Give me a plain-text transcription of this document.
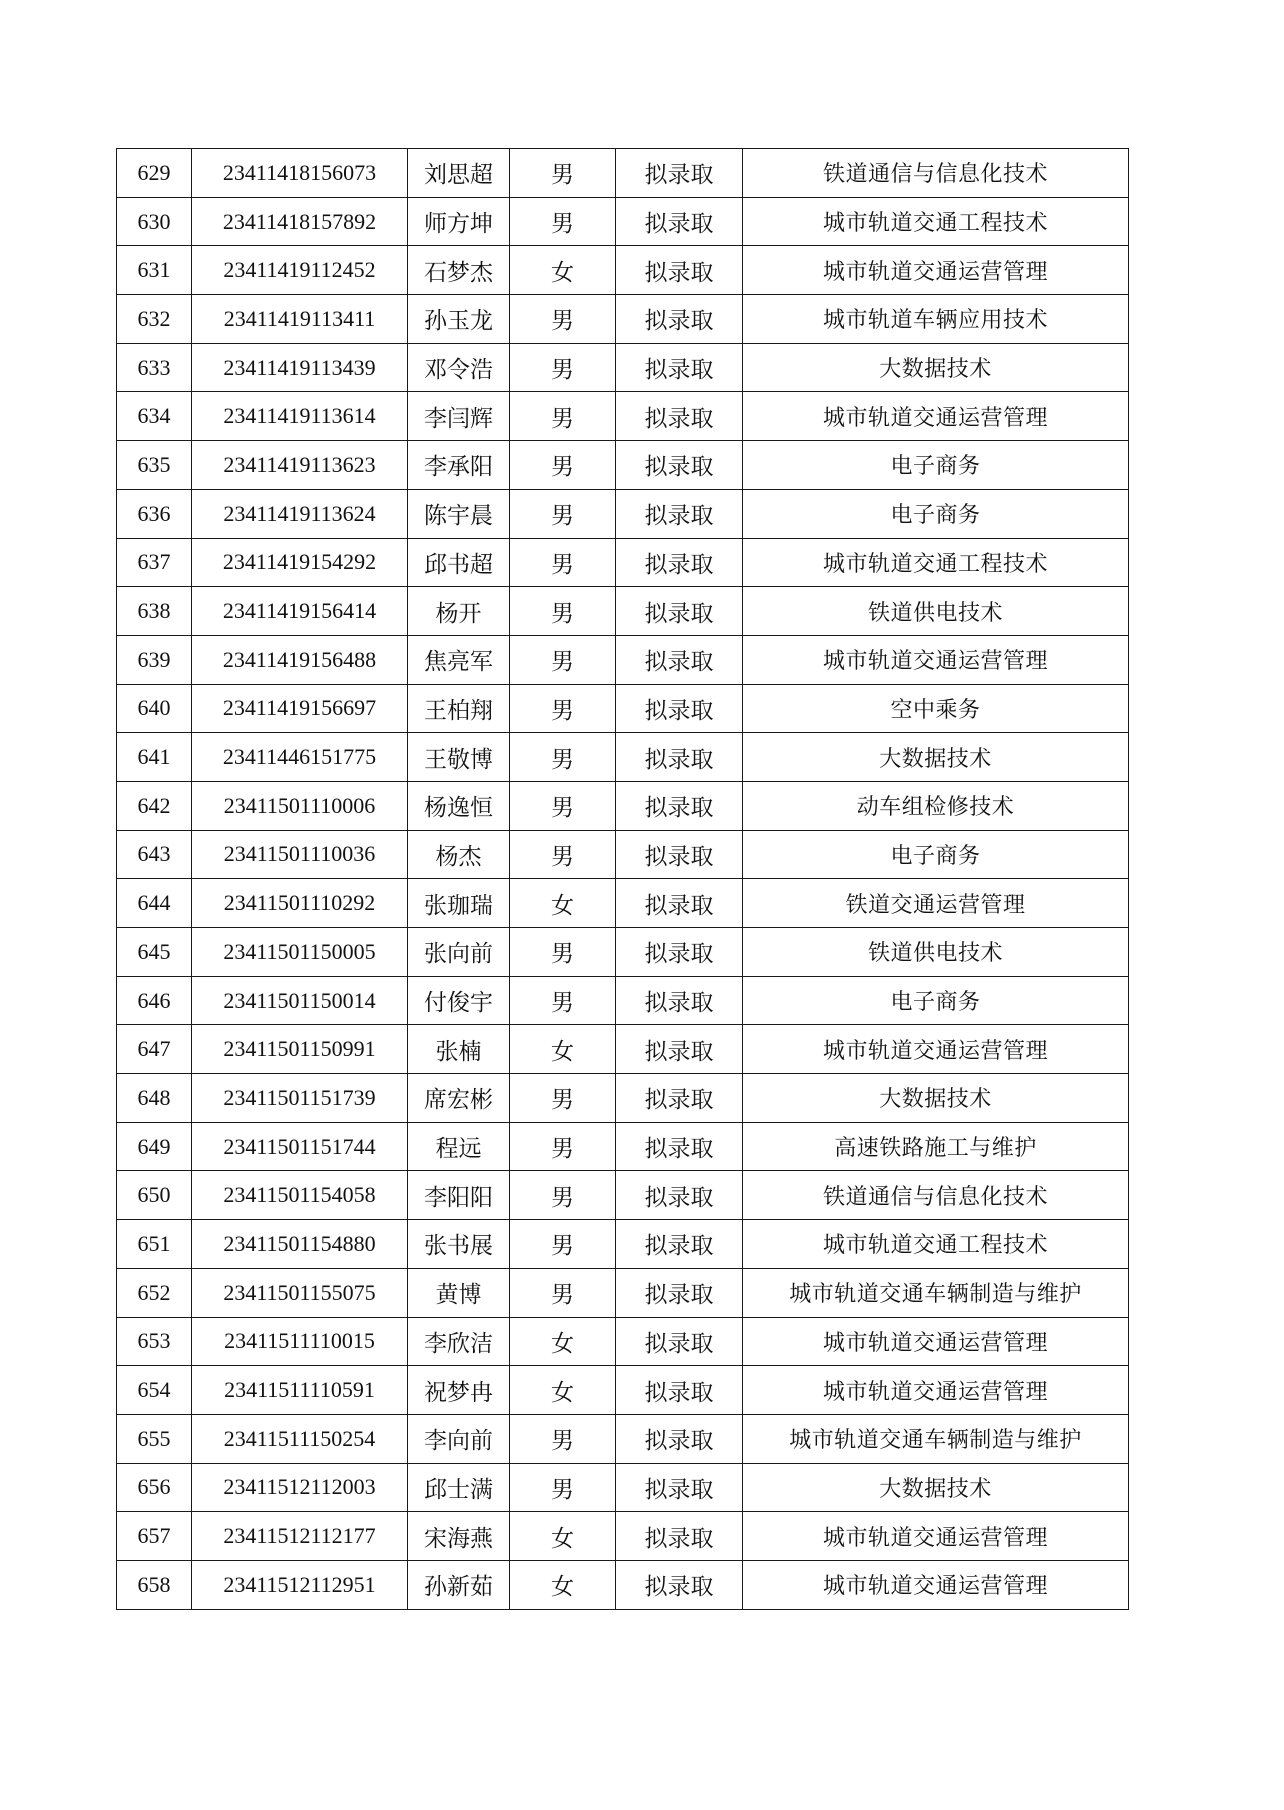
629	23411418156073	刘思超	男	拟录取	铁道通信与信息化技术
630	23411418157892	师方坤	男	拟录取	城市轨道交通工程技术
631	23411419112452	石梦杰	女	拟录取	城市轨道交通运营管理
632	23411419113411	孙玉龙	男	拟录取	城市轨道车辆应用技术
633	23411419113439	邓令浩	男	拟录取	大数据技术
634	23411419113614	李闫辉	男	拟录取	城市轨道交通运营管理
635	23411419113623	李承阳	男	拟录取	电子商务
636	23411419113624	陈宇晨	男	拟录取	电子商务
637	23411419154292	邱书超	男	拟录取	城市轨道交通工程技术
638	23411419156414	杨开	男	拟录取	铁道供电技术
639	23411419156488	焦亮军	男	拟录取	城市轨道交通运营管理
640	23411419156697	王柏翔	男	拟录取	空中乘务
641	23411446151775	王敬博	男	拟录取	大数据技术
642	23411501110006	杨逸恒	男	拟录取	动车组检修技术
643	23411501110036	杨杰	男	拟录取	电子商务
644	23411501110292	张珈瑞	女	拟录取	铁道交通运营管理
645	23411501150005	张向前	男	拟录取	铁道供电技术
646	23411501150014	付俊宇	男	拟录取	电子商务
647	23411501150991	张楠	女	拟录取	城市轨道交通运营管理
648	23411501151739	席宏彬	男	拟录取	大数据技术
649	23411501151744	程远	男	拟录取	高速铁路施工与维护
650	23411501154058	李阳阳	男	拟录取	铁道通信与信息化技术
651	23411501154880	张书展	男	拟录取	城市轨道交通工程技术
652	23411501155075	黄博	男	拟录取	城市轨道交通车辆制造与维护
653	23411511110015	李欣洁	女	拟录取	城市轨道交通运营管理
654	23411511110591	祝梦冉	女	拟录取	城市轨道交通运营管理
655	23411511150254	李向前	男	拟录取	城市轨道交通车辆制造与维护
656	23411512112003	邱士满	男	拟录取	大数据技术
657	23411512112177	宋海燕	女	拟录取	城市轨道交通运营管理
658	23411512112951	孙新茹	女	拟录取	城市轨道交通运营管理
